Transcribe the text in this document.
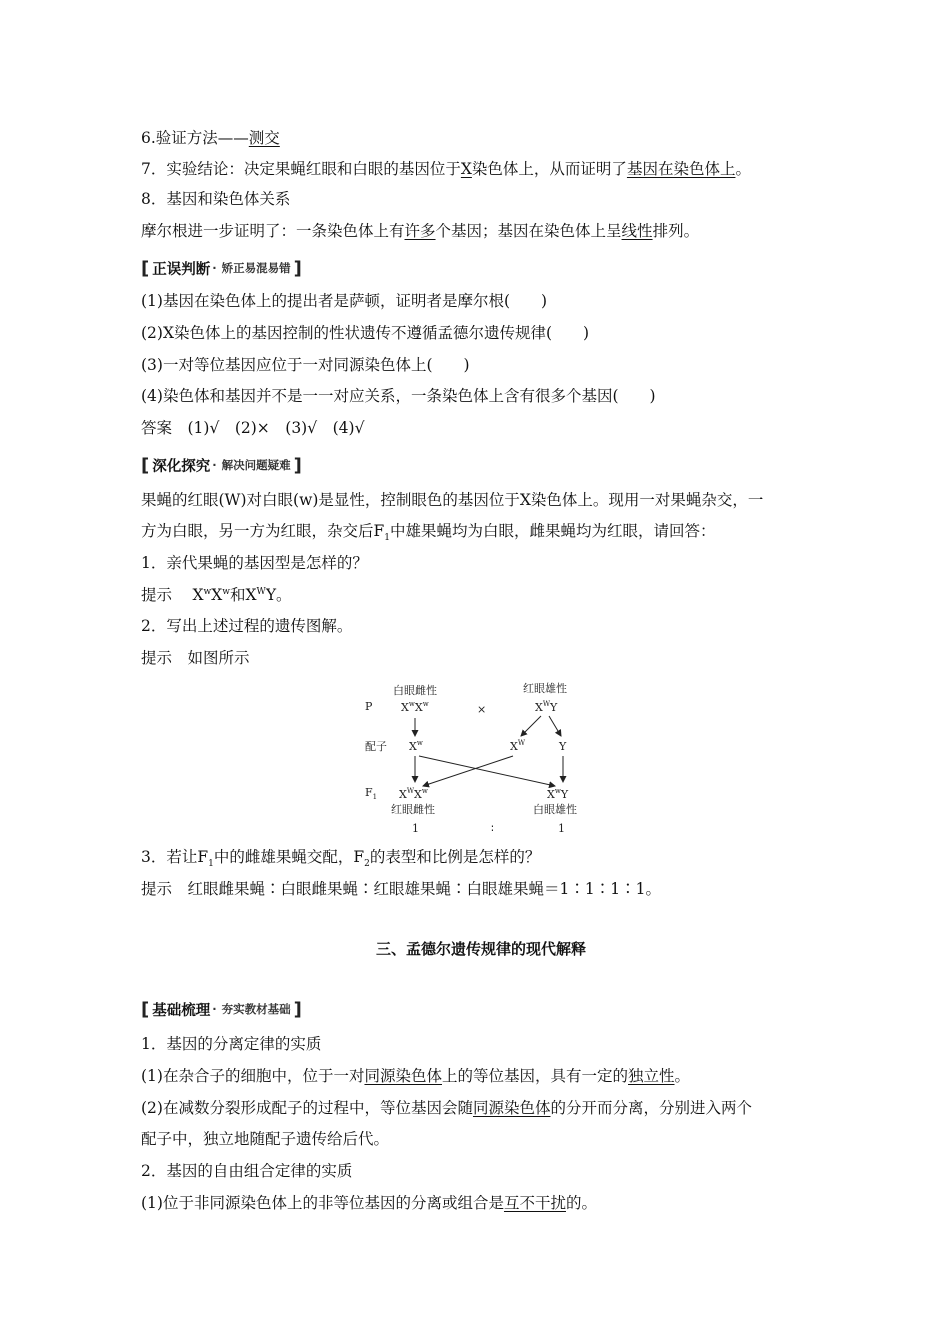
6.验证方法——测交
7．实验结论：决定果蝇红眼和白眼的基因位于X染色体上，从而证明了基因在染色体上。
8．基因和染色体关系
摩尔根进一步证明了：一条染色体上有许多个基因；基因在染色体上呈线性排列。
[ 正误判断 · 矫正易混易错 ]
(1)基因在染色体上的提出者是萨顿，证明者是摩尔根(　　)
(2)X染色体上的基因控制的性状遗传不遵循孟德尔遗传规律(　　)
(3)一对等位基因应位于一对同源染色体上(　　)
(4)染色体和基因并不是一一对应关系，一条染色体上含有很多个基因(　　)
答案　(1)√　(2)×　(3)√　(4)√
[ 深化探究 · 解决问题疑难 ]
果蝇的红眼(W)对白眼(w)是显性，控制眼色的基因位于X染色体上。现用一对果蝇杂交，一
方为白眼，另一方为红眼，杂交后$F_1$中雄果蝇均为白眼，雌果蝇均为红眼，请回答：
1．亲代果蝇的基因型是怎样的？
提示　 $X^wX^w$和$X^WY$。
2．写出上述过程的遗传图解。
提示　如图所示
3．若让$F_1$中的雌雄果蝇交配，$F_2$的表型和比例是怎样的？
提示　红眼雌果蝇∶白眼雌果蝇∶红眼雄果蝇∶白眼雄果蝇＝1∶1∶1∶1。
三、孟德尔遗传规律的现代解释
[ 基础梳理 · 夯实教材基础 ]
1．基因的分离定律的实质
(1)在杂合子的细胞中，位于一对同源染色体上的等位基因，具有一定的独立性。
(2)在减数分裂形成配子的过程中，等位基因会随同源染色体的分开而分离，分别进入两个
配子中，独立地随配子遗传给后代。
2．基因的自由组合定律的实质
(1)位于非同源染色体上的非等位基因的分离或组合是互不干扰的。
P
白眼雌性
$X^wX^w$	×
红眼雄性
$X^WY$
配子 $X^w$	$X^W$	Y
$F_1$ $X^WX^w$	$X^wY$
红眼雌性	白眼雄性
1	∶	1
